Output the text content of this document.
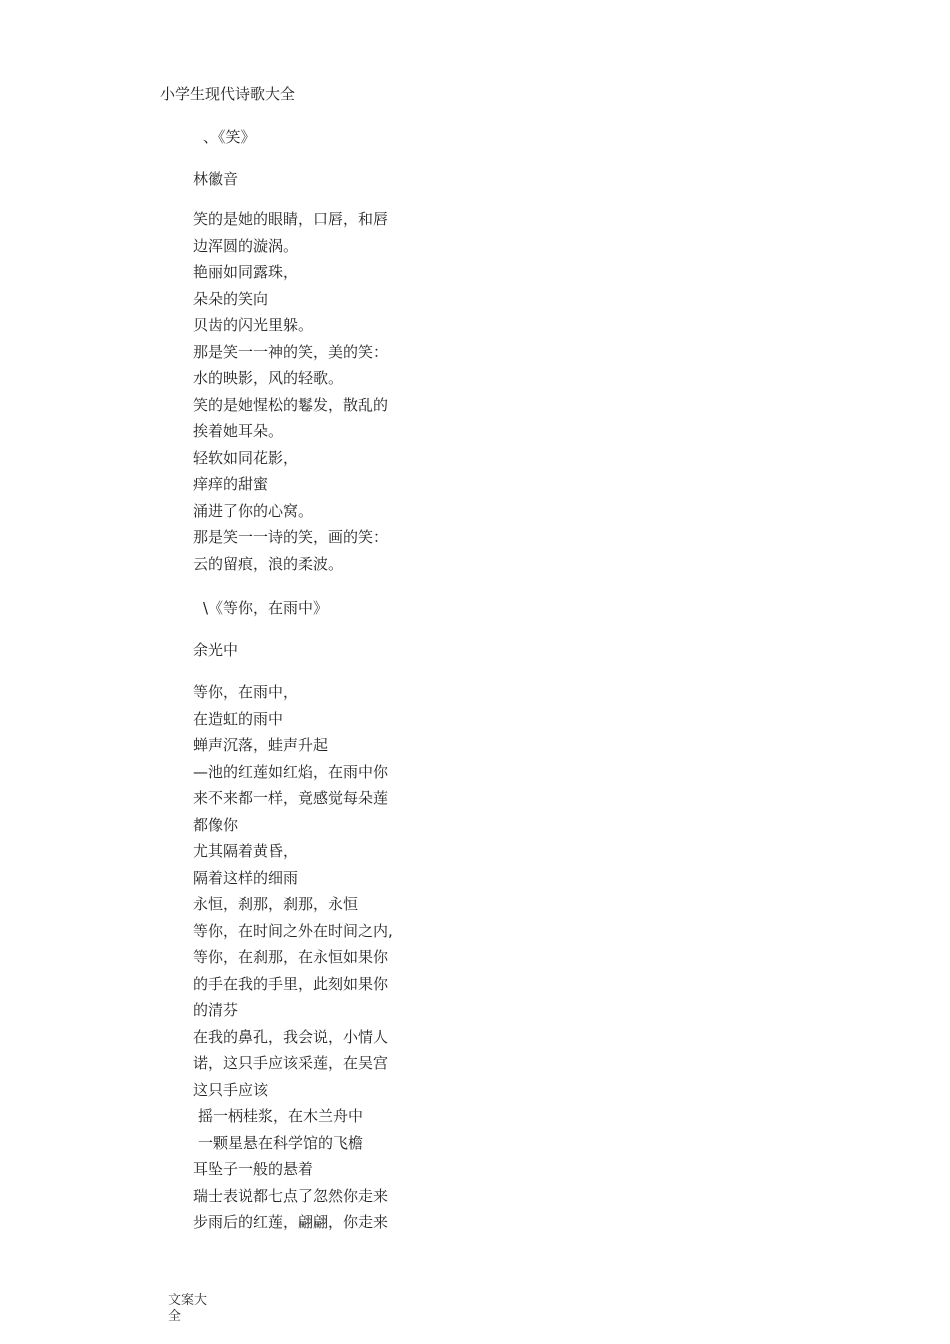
小学生现代诗歌大全
、《笑》
林徽音
笑的是她的眼睛，口唇，和唇
边浑圆的漩涡。
艳丽如同露珠，
朵朵的笑向
贝齿的闪光里躲。
那是笑一一神的笑，美的笑：
水的映影，风的轻歌。
笑的是她惺松的鬈发，散乱的
挨着她耳朵。
轻软如同花影，
痒痒的甜蜜
涌进了你的心窝。
那是笑一一诗的笑，画的笑：
云的留痕，浪的柔波。
\《等你，在雨中》
余光中
等你，在雨中，
在造虹的雨中
蝉声沉落，蛙声升起
—池的红莲如红焰，在雨中你
来不来都一样，竟感觉每朵莲
都像你
尤其隔着黄昏，
隔着这样的细雨
永恒，刹那，刹那，永恒
等你，在时间之外在时间之内,
等你，在刹那，在永恒如果你
的手在我的手里，此刻如果你
的清芬
在我的鼻孔，我会说，小情人
诺，这只手应该采莲，在吴宫
这只手应该
摇一柄桂浆，在木兰舟中
一颗星悬在科学馆的飞檐
耳坠子一般的悬着
瑞士表说都七点了忽然你走来
步雨后的红莲，翩翩，你走来
文案大全
